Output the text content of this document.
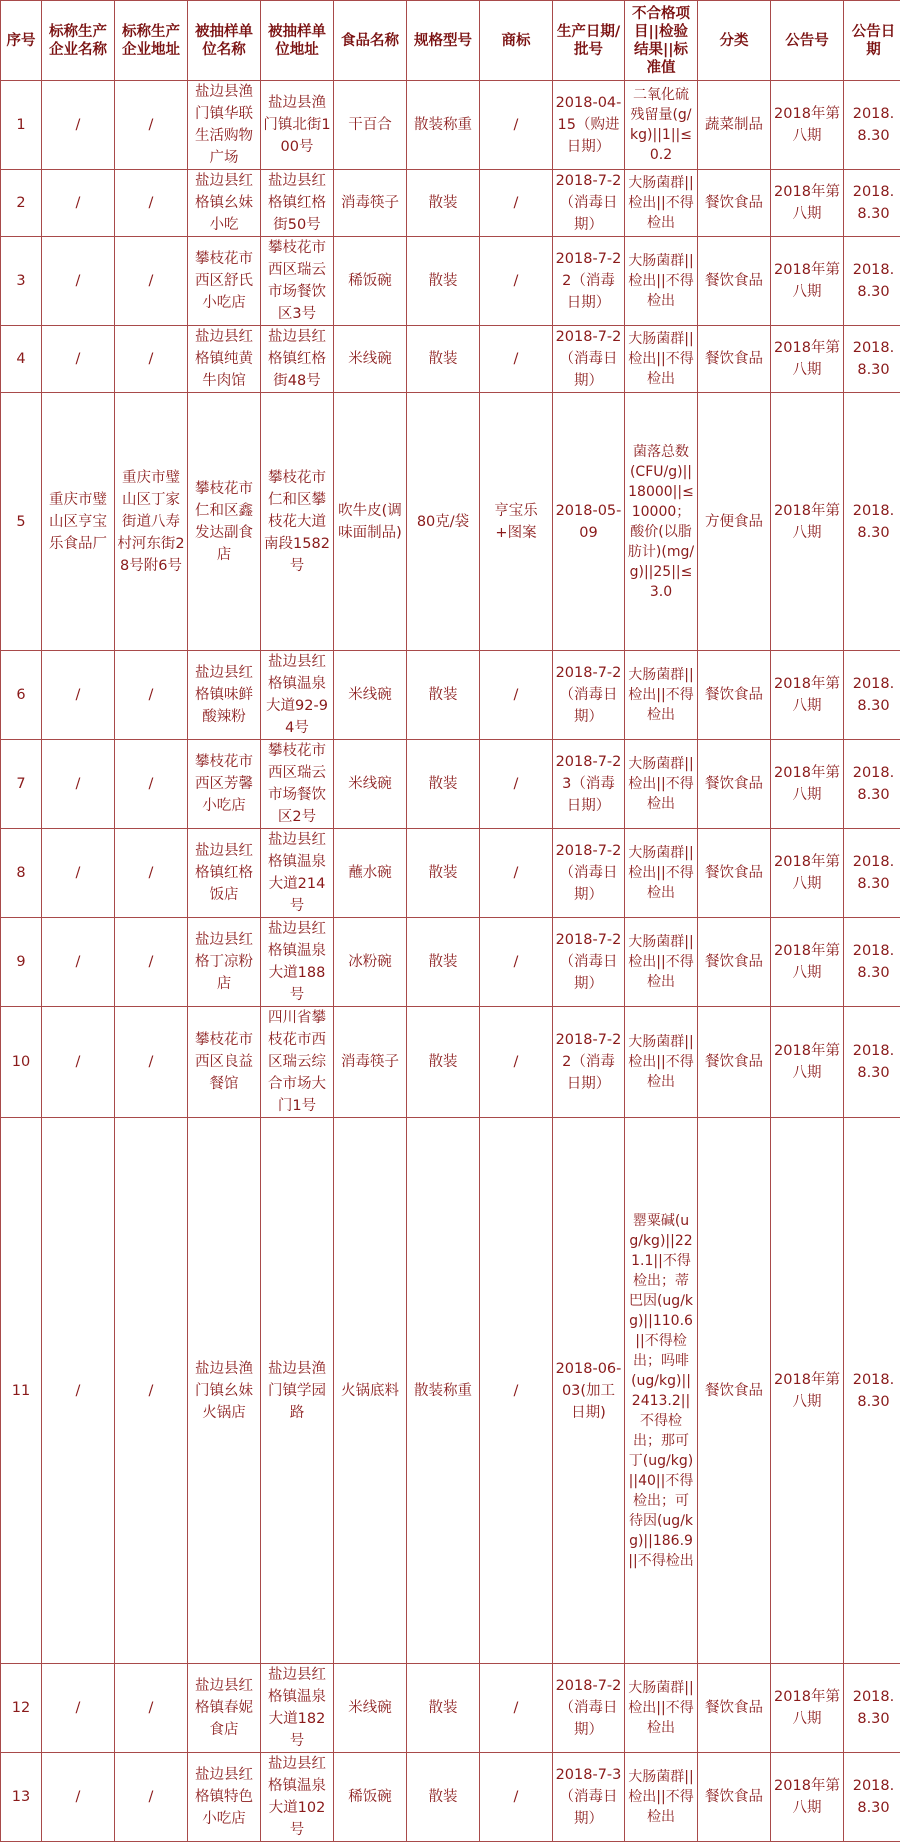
序号	标称生产企业名称	标称生产企业地址	被抽样单位名称	被抽样单位地址	食品名称	规格型号	商标	生产日期/批号	不合格项目||检验结果||标准值	分类	公告号	公告日期
1	/	/	盐边县渔门镇华联生活购物广场	盐边县渔门镇北街100号	干百合	散装称重	/	2018-04-15（购进日期）	二氧化硫残留量(g/kg)||1||≤0.2	蔬菜制品	2018年第八期	2018.8.30
2	/	/	盐边县红格镇幺妹小吃	盐边县红格镇红格街50号	消毒筷子	散装	/	2018-7-2（消毒日期）	大肠菌群||检出||不得检出	餐饮食品	2018年第八期	2018.8.30
3	/	/	攀枝花市西区舒氏小吃店	攀枝花市西区瑞云市场餐饮区3号	稀饭碗	散装	/	2018-7-22（消毒日期）	大肠菌群||检出||不得检出	餐饮食品	2018年第八期	2018.8.30
4	/	/	盐边县红格镇纯黄牛肉馆	盐边县红格镇红格街48号	米线碗	散装	/	2018-7-2（消毒日期）	大肠菌群||检出||不得检出	餐饮食品	2018年第八期	2018.8.30
5	重庆市璧山区亨宝乐食品厂	重庆市璧山区丁家街道八寿村河东街28号附6号	攀枝花市仁和区鑫发达副食店	攀枝花市仁和区攀枝花大道南段1582号	吹牛皮(调味面制品)	80克/袋	亨宝乐+图案	2018-05-09	菌落总数(CFU/g)||18000||≤10000；酸价(以脂肪计)(mg/g)||25||≤3.0	方便食品	2018年第八期	2018.8.30
6	/	/	盐边县红格镇味鲜酸辣粉	盐边县红格镇温泉大道92-94号	米线碗	散装	/	2018-7-2（消毒日期）	大肠菌群||检出||不得检出	餐饮食品	2018年第八期	2018.8.30
7	/	/	攀枝花市西区芳馨小吃店	攀枝花市西区瑞云市场餐饮区2号	米线碗	散装	/	2018-7-23（消毒日期）	大肠菌群||检出||不得检出	餐饮食品	2018年第八期	2018.8.30
8	/	/	盐边县红格镇红格饭店	盐边县红格镇温泉大道214号	蘸水碗	散装	/	2018-7-2（消毒日期）	大肠菌群||检出||不得检出	餐饮食品	2018年第八期	2018.8.30
9	/	/	盐边县红格丁凉粉店	盐边县红格镇温泉大道188号	冰粉碗	散装	/	2018-7-2（消毒日期）	大肠菌群||检出||不得检出	餐饮食品	2018年第八期	2018.8.30
10	/	/	攀枝花市西区良益餐馆	四川省攀枝花市西区瑞云综合市场大门1号	消毒筷子	散装	/	2018-7-22（消毒日期）	大肠菌群||检出||不得检出	餐饮食品	2018年第八期	2018.8.30
11	/	/	盐边县渔门镇幺妹火锅店	盐边县渔门镇学园路	火锅底料	散装称重	/	2018-06-03(加工日期)	罂粟碱(ug/kg)||221.1||不得检出；蒂巴因(ug/kg)||110.6||不得检出；吗啡(ug/kg)||2413.2||不得检出；那可丁(ug/kg)||40||不得检出；可待因(ug/kg)||186.9||不得检出	餐饮食品	2018年第八期	2018.8.30
12	/	/	盐边县红格镇春妮食店	盐边县红格镇温泉大道182号	米线碗	散装	/	2018-7-2（消毒日期）	大肠菌群||检出||不得检出	餐饮食品	2018年第八期	2018.8.30
13	/	/	盐边县红格镇特色小吃店	盐边县红格镇温泉大道102号	稀饭碗	散装	/	2018-7-3（消毒日期）	大肠菌群||检出||不得检出	餐饮食品	2018年第八期	2018.8.30
